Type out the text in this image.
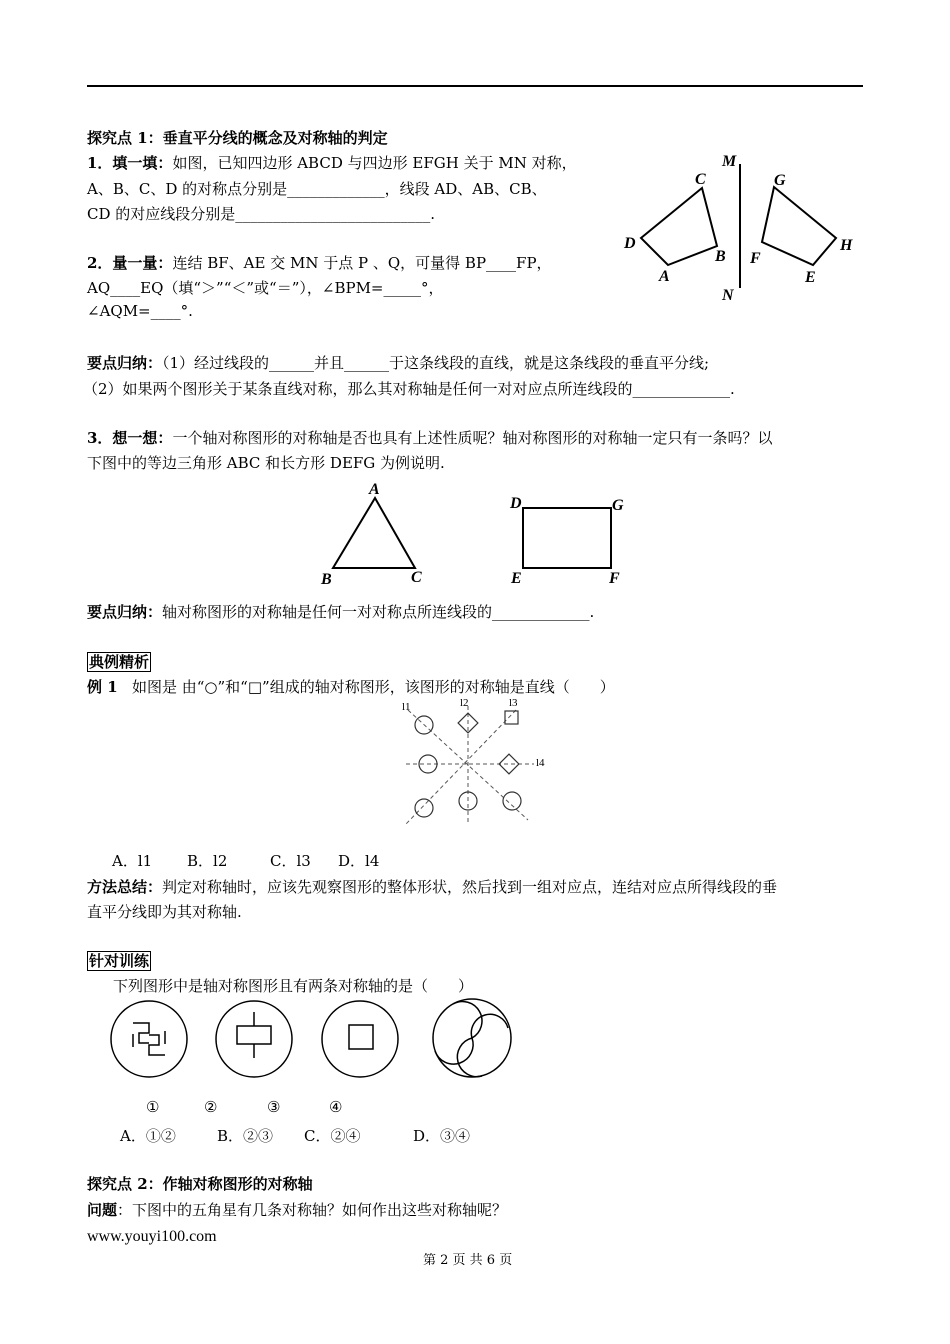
探究点 1：垂直平分线的概念及对称轴的判定
1．填一填：如图，已知四边形 ABCD 与四边形 EFGH 关于 MN 对称，
A、B、C、D 的对称点分别是_____________，线段 AD、AB、CB、
CD 的对应线段分别是__________________________.
2．量一量：连结 BF、AE 交 MN 于点 P 、Q，可量得 BP____FP，
AQ____EQ（填“＞”“＜”或“＝”），∠BPM=_____°，
∠AQM=____°.
M
N
C
D
B
A
G
H
F
E
要点归纳：（1）经过线段的______并且______于这条线段的直线，就是这条线段的垂直平分线;
（2）如果两个图形关于某条直线对称，那么其对称轴是任何一对对应点所连线段的_____________.
3．想一想：一个轴对称图形的对称轴是否也具有上述性质呢？轴对称图形的对称轴一定只有一条吗？以
下图中的等边三角形 ABC 和长方形 DEFG 为例说明.
A
B	C
D	G
E	F
要点归纳：轴对称图形的对称轴是任何一对对称点所连线段的_____________.
典例精析
例 1 如图是 由“○”和“□”组成的轴对称图形，该图形的对称轴是直线（　　）
l1	l2	l3
l4
A．l1 B．l2	C．l3 D．l4
方法总结：判定对称轴时，应该先观察图形的整体形状，然后找到一组对应点，连结对应点所得线段的垂
直平分线即为其对称轴.
针对训练
下列图形中是轴对称图形且有两条对称轴的是（　　）
①	②	③	④
A．①②	B．②③ C．②④	D．③④
探究点 2：作轴对称图形的对称轴
问题：下图中的五角星有几条对称轴？如何作出这些对称轴呢？
www.youyi100.com
第 2 页 共 6 页
